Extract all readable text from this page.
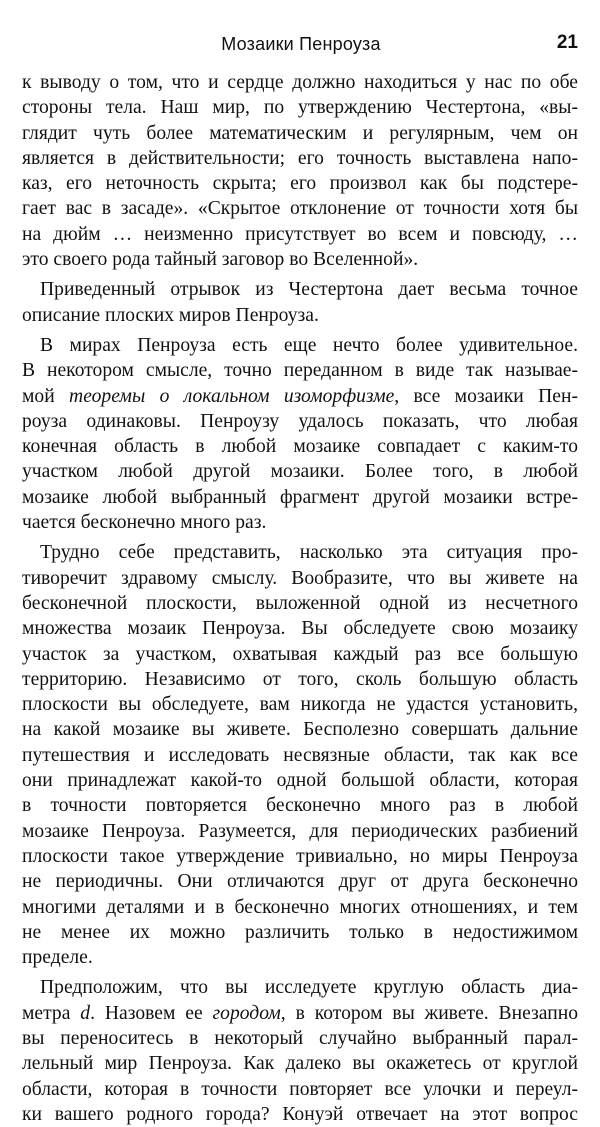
Мозаики Пенроуза	21
к выводу о том, что и сердце должно находиться у нас по обе
стороны тела. Наш мир, по утверждению Честертона, «вы-
глядит чуть более математическим и регулярным, чем он
является в действительности; его точность выставлена напо-
каз, его неточность скрыта; его произвол как бы подстере-
гает вас в засаде». «Скрытое отклонение от точности хотя бы
на дюйм … неизменно присутствует во всем и повсюду, …
это своего рода тайный заговор во Вселенной».
Приведенный отрывок из Честертона дает весьма точное
описание плоских миров Пенроуза.
В мирах Пенроуза есть еще нечто более удивительное.
В некотором смысле, точно переданном в виде так называе-
мой теоремы о локальном изоморфизме, все мозаики Пен-
роуза одинаковы. Пенроузу удалось показать, что любая
конечная область в любой мозаике совпадает с каким-то
участком любой другой мозаики. Более того, в любой
мозаике любой выбранный фрагмент другой мозаики встре-
чается бесконечно много раз.
Трудно себе представить, насколько эта ситуация про-
тиворечит здравому смыслу. Вообразите, что вы живете на
бесконечной плоскости, выложенной одной из несчетного
множества мозаик Пенроуза. Вы обследуете свою мозаику
участок за участком, охватывая каждый раз все большую
территорию. Независимо от того, сколь большую область
плоскости вы обследуете, вам никогда не удастся установить,
на какой мозаике вы живете. Бесполезно совершать дальние
путешествия и исследовать несвязные области, так как все
они принадлежат какой-то одной большой области, которая
в точности повторяется бесконечно много раз в любой
мозаике Пенроуза. Разумеется, для периодических разбиений
плоскости такое утверждение тривиально, но миры Пенроуза
не периодичны. Они отличаются друг от друга бесконечно
многими деталями и в бесконечно многих отношениях, и тем
не менее их можно различить только в недостижимом
пределе.
Предположим, что вы исследуете круглую область диа-
метра d. Назовем ее городом, в котором вы живете. Внезапно
вы переноситесь в некоторый случайно выбранный парал-
лельный мир Пенроуза. Как далеко вы окажетесь от круглой
области, которая в точности повторяет все улочки и переул-
ки вашего родного города? Конуэй отвечает на этот вопрос
